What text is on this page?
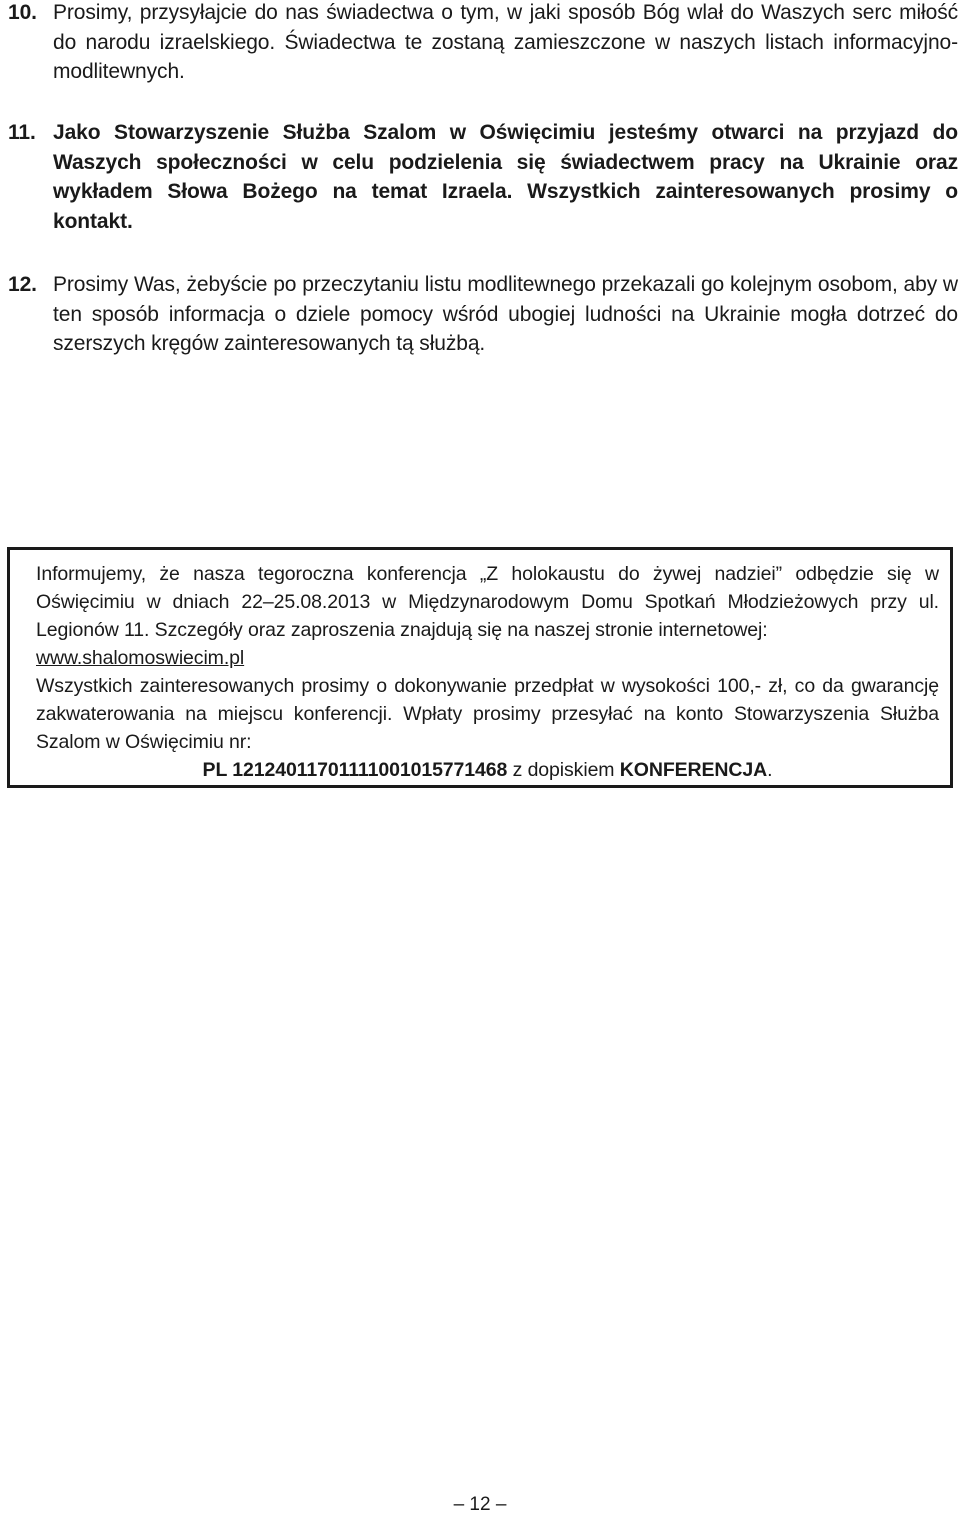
10. Prosimy, przysyłajcie do nas świadectwa o tym, w jaki sposób Bóg wlał do Waszych serc miłość do narodu izraelskiego. Świadectwa te zostaną zamieszczone w naszych listach informacyjno-modlitewnych.
11. Jako Stowarzyszenie Służba Szalom w Oświęcimiu jesteśmy otwarci na przyjazd do Waszych społeczności w celu podzielenia się świadectwem pracy na Ukrainie oraz wykładem Słowa Bożego na temat Izraela. Wszystkich zainteresowanych prosimy o kontakt.
12. Prosimy Was, żebyście po przeczytaniu listu modlitewnego przekazali go kolejnym osobom, aby w ten sposób informacja o dziele pomocy wśród ubogiej ludności na Ukrainie mogła dotrzeć do szerszych kręgów zainteresowanych tą służbą.

Informujemy, że nasza tegoroczna konferencja „Z holokaustu do żywej nadziei” odbędzie się w Oświęcimiu w dniach 22–25.08.2013 w Międzynarodowym Domu Spotkań Młodzieżowych przy ul. Legionów 11. Szczegóły oraz zaproszenia znajdują się na naszej stronie internetowej:
www.shalomoswiecim.pl

Wszystkich zainteresowanych prosimy o dokonywanie przedpłat w wysokości 100,- zł, co da gwarancję zakwaterowania na miejscu konferencji. Wpłaty prosimy przesyłać na konto Stowarzyszenia Służba Szalom w Oświęcimiu nr:

PL 12124011701111001015771468 z dopiskiem KONFERENCJA.

– 12 –
